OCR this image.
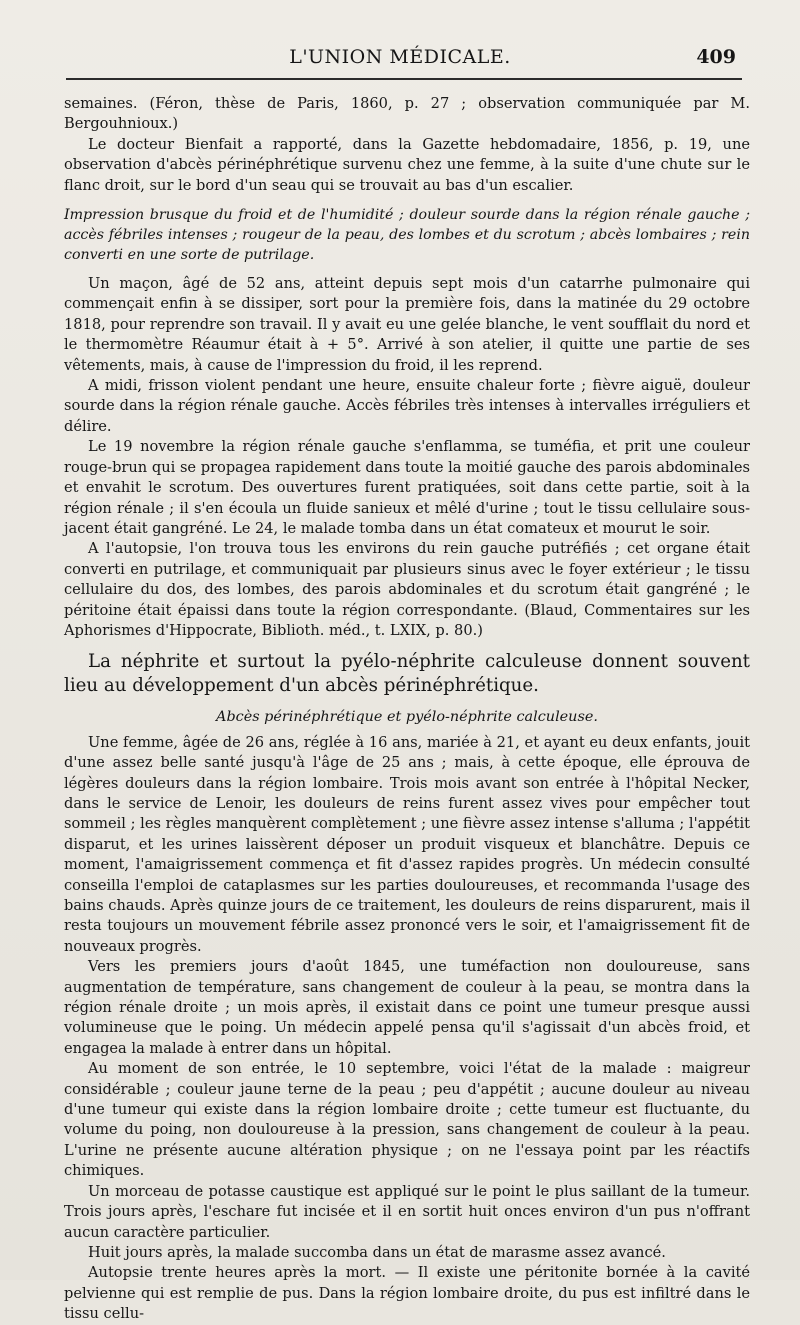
L'UNION MÉDICALE.	409

semaines. (Féron, thèse de Paris, 1860, p. 27 ; observation communiquée par M. Bergouhnioux.)

Le docteur Bienfait a rapporté, dans la Gazette hebdomadaire, 1856, p. 19, une observation d'abcès périnéphrétique survenu chez une femme, à la suite d'une chute sur le flanc droit, sur le bord d'un seau qui se trouvait au bas d'un escalier.

Impression brusque du froid et de l'humidité ; douleur sourde dans la région rénale gauche ; accès fébriles intenses ; rougeur de la peau, des lombes et du scrotum ; abcès lombaires ; rein converti en une sorte de putrilage.

Un maçon, âgé de 52 ans, atteint depuis sept mois d'un catarrhe pulmonaire qui commençait enfin à se dissiper, sort pour la première fois, dans la matinée du 29 octobre 1818, pour reprendre son travail. Il y avait eu une gelée blanche, le vent soufflait du nord et le thermomètre Réaumur était à + 5°. Arrivé à son atelier, il quitte une partie de ses vêtements, mais, à cause de l'impression du froid, il les reprend.

A midi, frisson violent pendant une heure, ensuite chaleur forte ; fièvre aiguë, douleur sourde dans la région rénale gauche. Accès fébriles très intenses à intervalles irréguliers et délire.

Le 19 novembre la région rénale gauche s'enflamma, se tuméfia, et prit une couleur rouge-brun qui se propagea rapidement dans toute la moitié gauche des parois abdominales et envahit le scrotum. Des ouvertures furent pratiquées, soit dans cette partie, soit à la région rénale ; il s'en écoula un fluide sanieux et mêlé d'urine ; tout le tissu cellulaire sous-jacent était gangréné. Le 24, le malade tomba dans un état comateux et mourut le soir.

A l'autopsie, l'on trouva tous les environs du rein gauche putréfiés ; cet organe était converti en putrilage, et communiquait par plusieurs sinus avec le foyer extérieur ; le tissu cellulaire du dos, des lombes, des parois abdominales et du scrotum était gangréné ; le péritoine était épaissi dans toute la région correspondante. (Blaud, Commentaires sur les Aphorismes d'Hippocrate, Biblioth. méd., t. LXIX, p. 80.)

La néphrite et surtout la pyélo-néphrite calculeuse donnent souvent lieu au développement d'un abcès périnéphrétique.

Abcès périnéphrétique et pyélo-néphrite calculeuse.

Une femme, âgée de 26 ans, réglée à 16 ans, mariée à 21, et ayant eu deux enfants, jouit d'une assez belle santé jusqu'à l'âge de 25 ans ; mais, à cette époque, elle éprouva de légères douleurs dans la région lombaire. Trois mois avant son entrée à l'hôpital Necker, dans le service de Lenoir, les douleurs de reins furent assez vives pour empêcher tout sommeil ; les règles manquèrent complètement ; une fièvre assez intense s'alluma ; l'appétit disparut, et les urines laissèrent déposer un produit visqueux et blanchâtre. Depuis ce moment, l'amaigrissement commença et fit d'assez rapides progrès. Un médecin consulté conseilla l'emploi de cataplasmes sur les parties douloureuses, et recommanda l'usage des bains chauds. Après quinze jours de ce traitement, les douleurs de reins disparurent, mais il resta toujours un mouvement fébrile assez prononcé vers le soir, et l'amaigrissement fit de nouveaux progrès.

Vers les premiers jours d'août 1845, une tuméfaction non douloureuse, sans augmentation de température, sans changement de couleur à la peau, se montra dans la région rénale droite ; un mois après, il existait dans ce point une tumeur presque aussi volumineuse que le poing. Un médecin appelé pensa qu'il s'agissait d'un abcès froid, et engagea la malade à entrer dans un hôpital.

Au moment de son entrée, le 10 septembre, voici l'état de la malade : maigreur considérable ; couleur jaune terne de la peau ; peu d'appétit ; aucune douleur au niveau d'une tumeur qui existe dans la région lombaire droite ; cette tumeur est fluctuante, du volume du poing, non douloureuse à la pression, sans changement de couleur à la peau. L'urine ne présente aucune altération physique ; on ne l'essaya point par les réactifs chimiques.

Un morceau de potasse caustique est appliqué sur le point le plus saillant de la tumeur. Trois jours après, l'eschare fut incisée et il en sortit huit onces environ d'un pus n'offrant aucun caractère particulier.

Huit jours après, la malade succomba dans un état de marasme assez avancé.

Autopsie trente heures après la mort. — Il existe une péritonite bornée à la cavité pelvienne qui est remplie de pus. Dans la région lombaire droite, du pus est infiltré dans le tissu cellu-
